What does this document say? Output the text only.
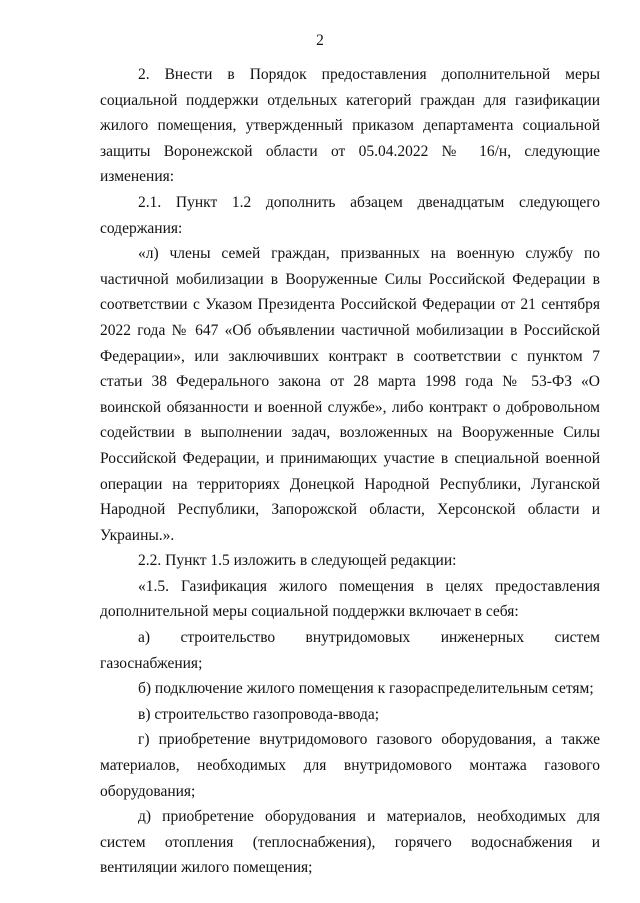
2

2. Внести в Порядок предоставления дополнительной меры социальной поддержки отдельных категорий граждан для газификации жилого помещения, утвержденный приказом департамента социальной защиты Воронежской области от 05.04.2022 № 16/н, следующие изменения:

2.1. Пункт 1.2 дополнить абзацем двенадцатым следующего содержания:

«л) члены семей граждан, призванных на военную службу по частичной мобилизации в Вооруженные Силы Российской Федерации в соответствии с Указом Президента Российской Федерации от 21 сентября 2022 года № 647 «Об объявлении частичной мобилизации в Российской Федерации», или заключивших контракт в соответствии с пунктом 7 статьи 38 Федерального закона от 28 марта 1998 года № 53-ФЗ «О воинской обязанности и военной службе», либо контракт о добровольном содействии в выполнении задач, возложенных на Вооруженные Силы Российской Федерации, и принимающих участие в специальной военной операции на территориях Донецкой Народной Республики, Луганской Народной Республики, Запорожской области, Херсонской области и Украины.».

2.2. Пункт 1.5 изложить в следующей редакции:

«1.5. Газификация жилого помещения в целях предоставления дополнительной меры социальной поддержки включает в себя:

а) строительство внутридомовых инженерных систем газоснабжения;

б) подключение жилого помещения к газораспределительным сетям;

в) строительство газопровода-ввода;

г) приобретение внутридомового газового оборудования, а также материалов, необходимых для внутридомового монтажа газового оборудования;

д) приобретение оборудования и материалов, необходимых для систем отопления (теплоснабжения), горячего водоснабжения и вентиляции жилого помещения;
